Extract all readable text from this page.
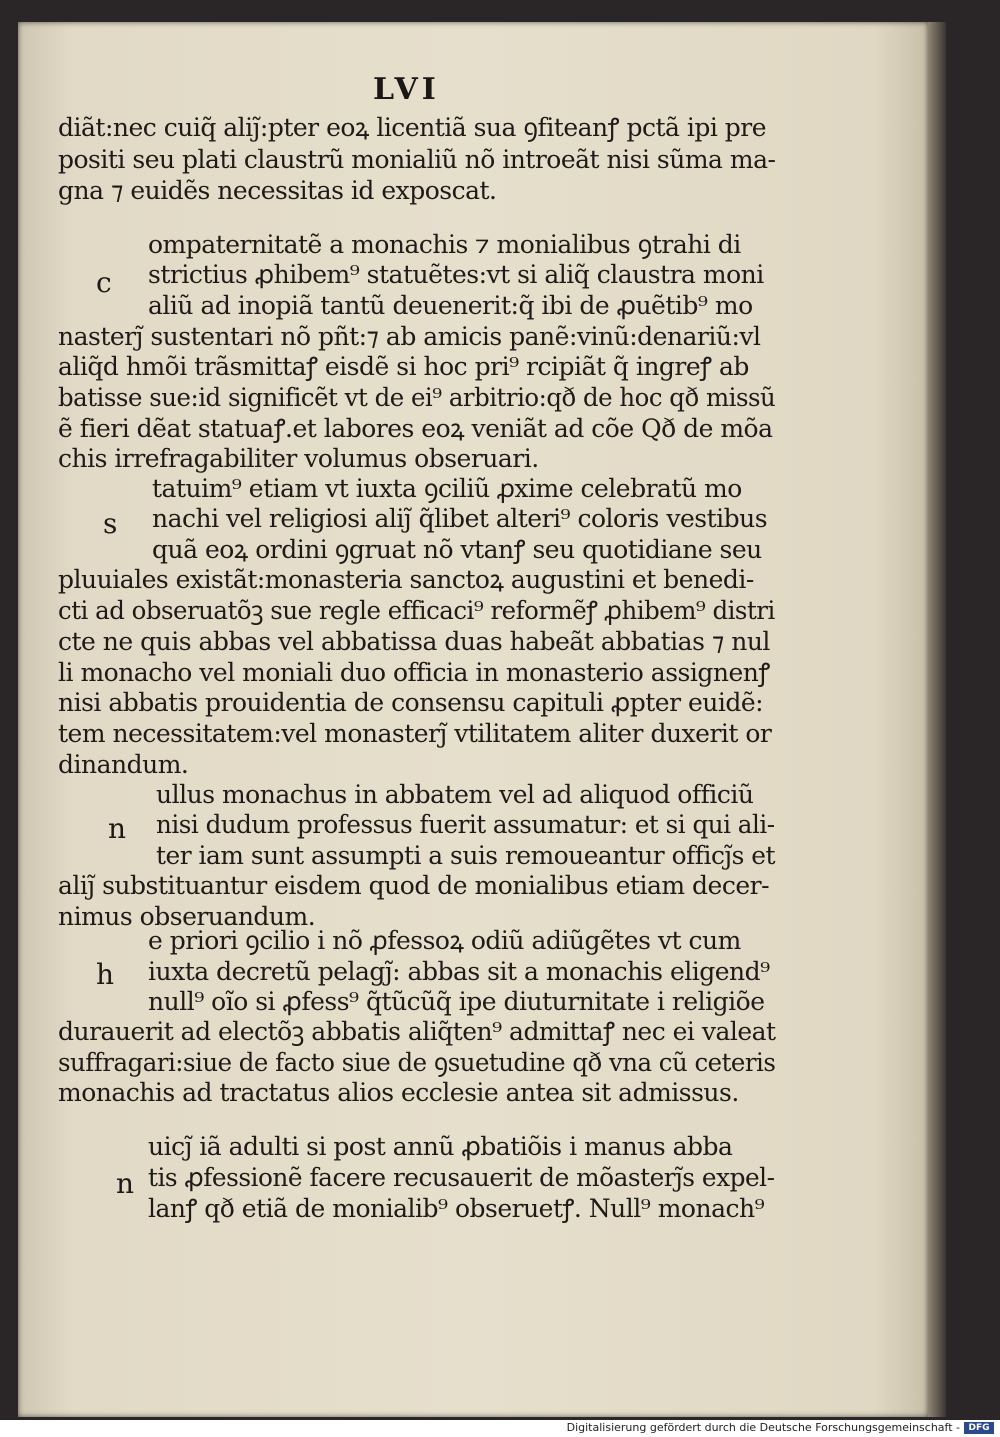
LVI
diãt:nec cuiq̃ aliȷ̃:pter eoꝝ licentiã sua ꝯfiteanꝭ pctã ipi pre
positi seu plati claustrũ monialiũ nõ introeãt nisi sũma ma-
gna ⁊ euidẽs necessitas id exposcat.
ompaternitatẽ a monachis ⁊ monialibus ꝯtrahi di
strictius ꝓhibem⁹ statuẽtes:vt si aliq̃ claustra moni
aliũ ad inopiã tantũ deuenerit:q̃ ibi de ꝓuẽtib⁹ mo
nasterȷ̃ sustentari nõ pñt:⁊ ab amicis panẽ:vinũ:denariũ:vl
aliq̃d hmõi trãsmittaꝭ eisdẽ si hoc pri⁹ rcipiãt q̃ ingreꝭ ab
batisse sue:id significẽt vt de ei⁹ arbitrio:qð de hoc qð missũ
ẽ fieri dẽat statuaꝭ.et labores eoꝝ veniãt ad cõe Qð de mõa
chis irrefragabiliter volumus obseruari.
tatuim⁹ etiam vt iuxta ꝯciliũ ꝓxime celebratũ mo
nachi vel religiosi aliȷ̃ q̃libet alteri⁹ coloris vestibus
quã eoꝝ ordini ꝯgruat nõ vtanꝭ seu quotidiane seu
pluuiales existãt:monasteria sanctoꝝ augustini et benedi-
cti ad obseruatõꝫ sue regle efficaci⁹ reformẽꝭ ꝓhibem⁹ distri
cte ne quis abbas vel abbatissa duas habeãt abbatias ⁊ nul
li monacho vel moniali duo officia in monasterio assignenꝭ
nisi abbatis prouidentia de consensu capituli ꝓpter euidẽ:
tem necessitatem:vel monasterȷ̃ vtilitatem aliter duxerit or
dinandum.
ullus monachus in abbatem vel ad aliquod officiũ
nisi dudum professus fuerit assumatur: et si qui ali-
ter iam sunt assumpti a suis remoueantur officȷ̃s et
aliȷ̃ substituantur eisdem quod de monialibus etiam decer-
nimus obseruandum.
e priori ꝯcilio i nõ ꝓfessoꝝ odiũ adiũgẽtes vt cum
iuxta decretũ pelagȷ̃: abbas sit a monachis eligend⁹
null⁹ oĩo si ꝓfess⁹ q̃tũcũq̃ ipe diuturnitate i religiõe
durauerit ad electõꝫ abbatis aliq̃ten⁹ admittaꝭ nec ei valeat
suffragari:siue de facto siue de ꝯsuetudine qð vna cũ ceteris
monachis ad tractatus alios ecclesie antea sit admissus.
uicȷ̃ iã adulti si post annũ ꝓbatiõis i manus abba
tis ꝓfessionẽ facere recusauerit de mõasterȷ̃s expel-
lanꝭ qð etiã de monialib⁹ obseruetꝭ. Null⁹ monach⁹
c
s
n
h
n
Digitalisierung gefördert durch die Deutsche Forschungsgemeinschaft - DFG
